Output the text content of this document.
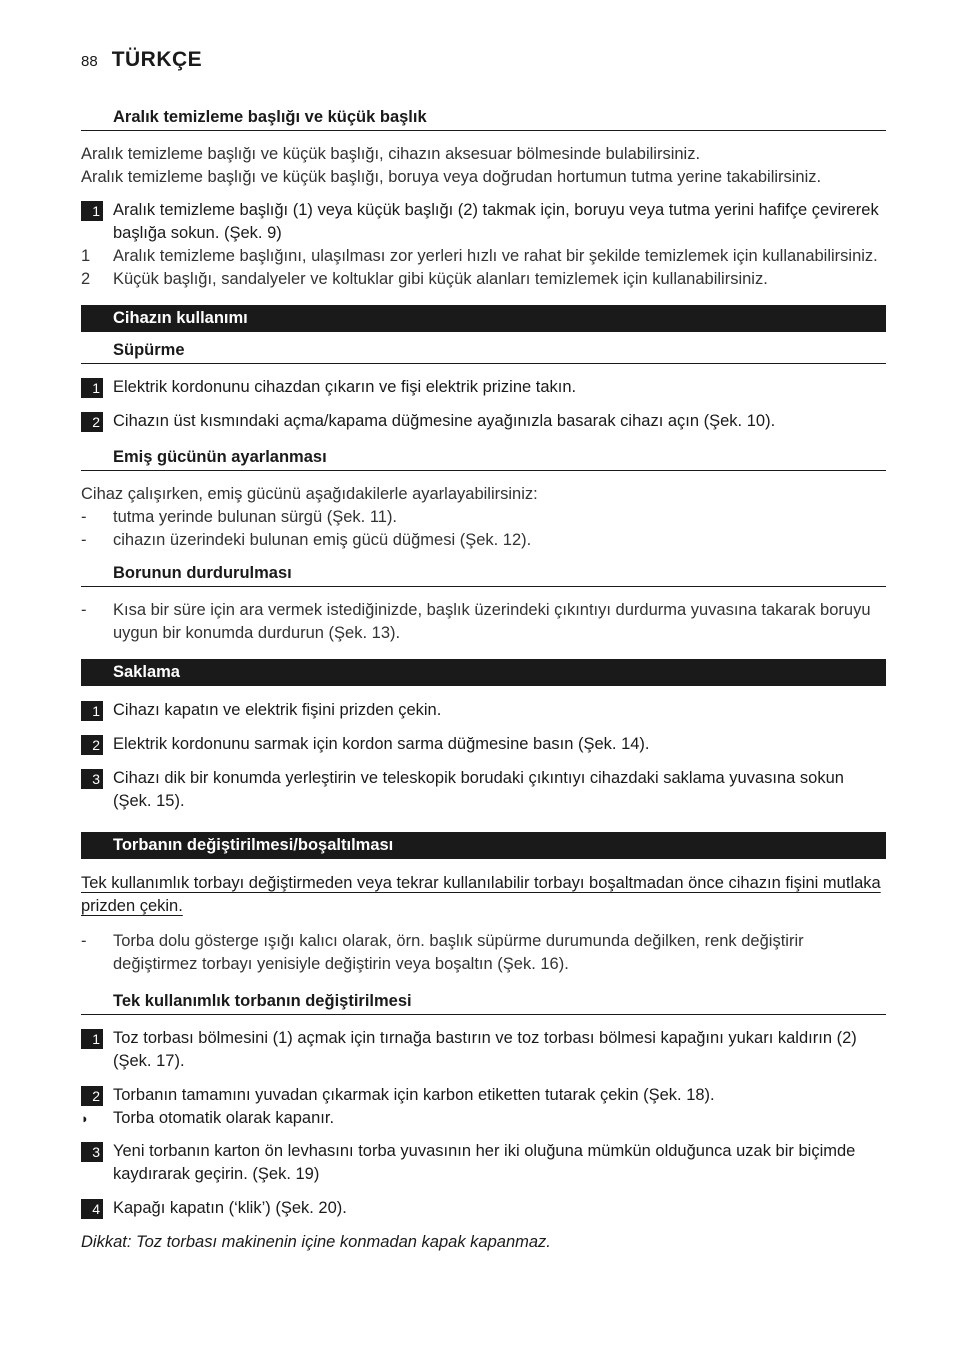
88 TÜRKÇE
Aralık temizleme başlığı ve küçük başlık

Aralık temizleme başlığı ve küçük başlığı, cihazın aksesuar bölmesinde bulabilirsiniz.

Aralık temizleme başlığı ve küçük başlığı, boruya veya doğrudan hortumun tutma yerine takabilirsiniz.

1 Aralık temizleme başlığı (1) veya küçük başlığı (2) takmak için, boruyu veya tutma yerini hafifçe çevirerek başlığa sokun. (Şek. 9)
1	Aralık temizleme başlığını, ulaşılması zor yerleri hızlı ve rahat bir şekilde temizlemek için kullanabilirsiniz.
2	Küçük başlığı, sandalyeler ve koltuklar gibi küçük alanları temizlemek için kullanabilirsiniz.
Cihazın kullanımı
Süpürme
1 Elektrik kordonunu cihazdan çıkarın ve fişi elektrik prizine takın.
2 Cihazın üst kısmındaki açma/kapama düğmesine ayağınızla basarak cihazı açın (Şek. 10).
Emiş gücünün ayarlanması

Cihaz çalışırken, emiş gücünü aşağıdakilerle ayarlayabilirsiniz:

-	tutma yerinde bulunan sürgü (Şek. 11).
-	cihazın üzerindeki bulunan emiş gücü düğmesi (Şek. 12).
Borunun durdurulması
-	Kısa bir süre için ara vermek istediğinizde, başlık üzerindeki çıkıntıyı durdurma yuvasına takarak boruyu uygun bir konumda durdurun (Şek. 13).
Saklama
1 Cihazı kapatın ve elektrik fişini prizden çekin.
2 Elektrik kordonunu sarmak için kordon sarma düğmesine basın (Şek. 14).
3 Cihazı dik bir konumda yerleştirin ve teleskopik borudaki çıkıntıyı cihazdaki saklama yuvasına sokun (Şek. 15).
Torbanın değiştirilmesi/boşaltılması

Tek kullanımlık torbayı değiştirmeden veya tekrar kullanılabilir torbayı boşaltmadan önce cihazın fişini mutlaka prizden çekin.

-	Torba dolu gösterge ışığı kalıcı olarak, örn. başlık süpürme durumunda değilken, renk değiştirir değiştirmez torbayı yenisiyle değiştirin veya boşaltın (Şek. 16).
Tek kullanımlık torbanın değiştirilmesi
1 Toz torbası bölmesini (1) açmak için tırnağa bastırın ve toz torbası bölmesi kapağını yukarı kaldırın (2) (Şek. 17).
2 Torbanın tamamını yuvadan çıkarmak için karbon etiketten tutarak çekin (Şek. 18).
◗	Torba otomatik olarak kapanır.
3 Yeni torbanın karton ön levhasını torba yuvasının her iki oluğuna mümkün olduğunca uzak bir biçimde kaydırarak geçirin. (Şek. 19)
4 Kapağı kapatın (‘klik’) (Şek. 20).

Dikkat: Toz torbası makinenin içine konmadan kapak kapanmaz.
